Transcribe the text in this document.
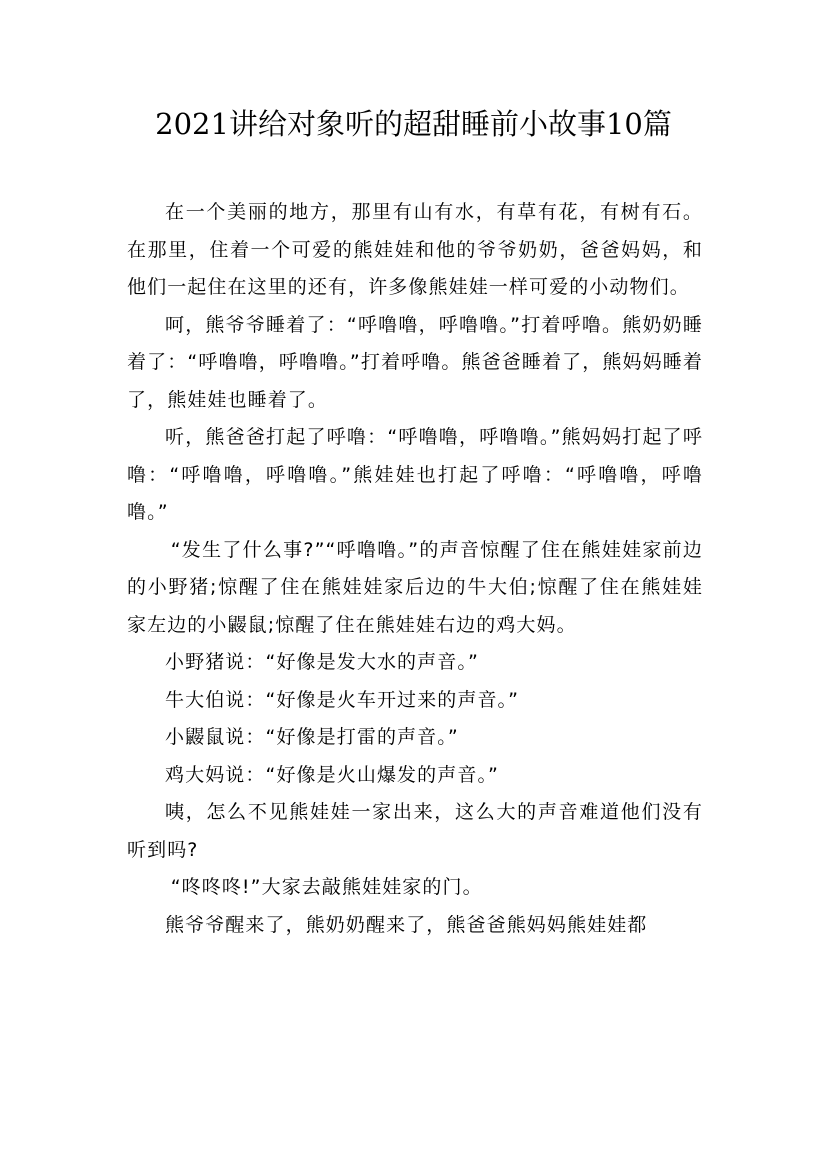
2021讲给对象听的超甜睡前小故事10篇

在一个美丽的地方，那里有山有水，有草有花，有树有石。在那里，住着一个可爱的熊娃娃和他的爷爷奶奶，爸爸妈妈，和他们一起住在这里的还有，许多像熊娃娃一样可爱的小动物们。

呵，熊爷爷睡着了：“呼噜噜，呼噜噜。”打着呼噜。熊奶奶睡着了：“呼噜噜，呼噜噜。”打着呼噜。熊爸爸睡着了，熊妈妈睡着了，熊娃娃也睡着了。

听，熊爸爸打起了呼噜：“呼噜噜，呼噜噜。”熊妈妈打起了呼噜：“呼噜噜，呼噜噜。”熊娃娃也打起了呼噜：“呼噜噜，呼噜噜。”

“发生了什么事?”“呼噜噜。”的声音惊醒了住在熊娃娃家前边的小野猪;惊醒了住在熊娃娃家后边的牛大伯;惊醒了住在熊娃娃家左边的小鼹鼠;惊醒了住在熊娃娃右边的鸡大妈。

小野猪说：“好像是发大水的声音。”

牛大伯说：“好像是火车开过来的声音。”

小鼹鼠说：“好像是打雷的声音。”

鸡大妈说：“好像是火山爆发的声音。”

咦，怎么不见熊娃娃一家出来，这么大的声音难道他们没有听到吗?

“咚咚咚!”大家去敲熊娃娃家的门。

熊爷爷醒来了，熊奶奶醒来了，熊爸爸熊妈妈熊娃娃都
